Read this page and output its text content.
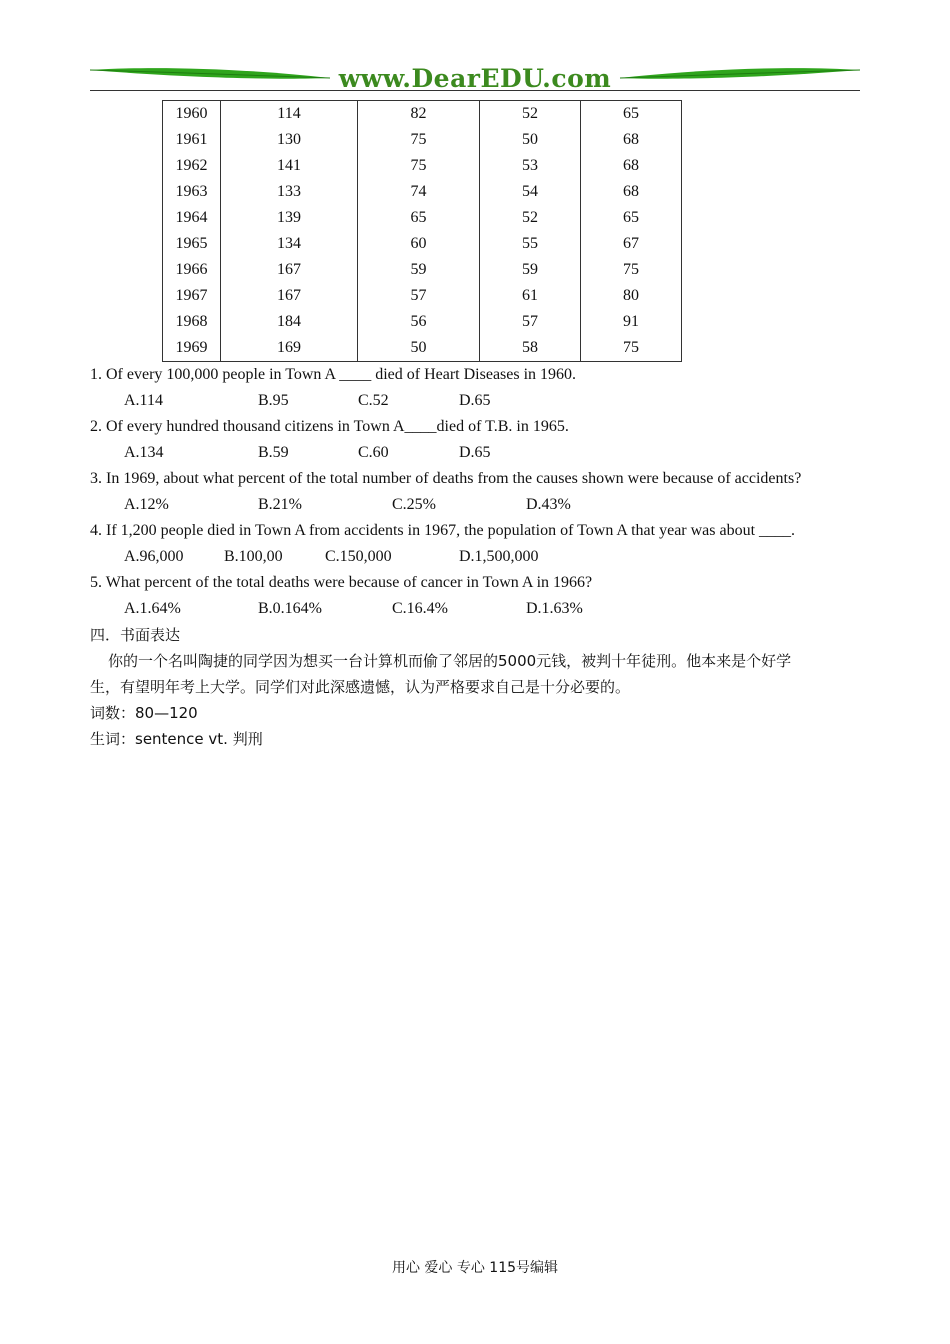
www.DearEDU.com
1960	114	82	52	65
1961	130	75	50	68
1962	141	75	53	68
1963	133	74	54	68
1964	139	65	52	65
1965	134	60	55	67
1966	167	59	59	75
1967	167	57	61	80
1968	184	56	57	91
1969	169	50	58	75
1. Of every 100,000 people in Town A ____ died of Heart Diseases in 1960.
A.114	B.95	C.52	D.65
2. Of every hundred thousand citizens in Town A____died of T.B. in 1965.
A.134	B.59	C.60	D.65
3. In 1969, about what percent of the total number of deaths from the causes shown were because of accidents?
A.12%	B.21%	C.25%	D.43%
4. If 1,200 people died in Town A from accidents in 1967, the population of Town A that year was about ____.
A.96,000	B.100,00	C.150,000	D.1,500,000
5. What percent of the total deaths were because of cancer in Town A in 1966?
A.1.64%	B.0.164%	C.16.4%	D.1.63%
四．书面表达
你的一个名叫陶捷的同学因为想买一台计算机而偷了邻居的5000元钱，被判十年徒刑。他本来是个好学
生，有望明年考上大学。同学们对此深感遗憾，认为严格要求自己是十分必要的。
词数：80—120
生词：sentence vt. 判刑
用心 爱心 专心 115号编辑
